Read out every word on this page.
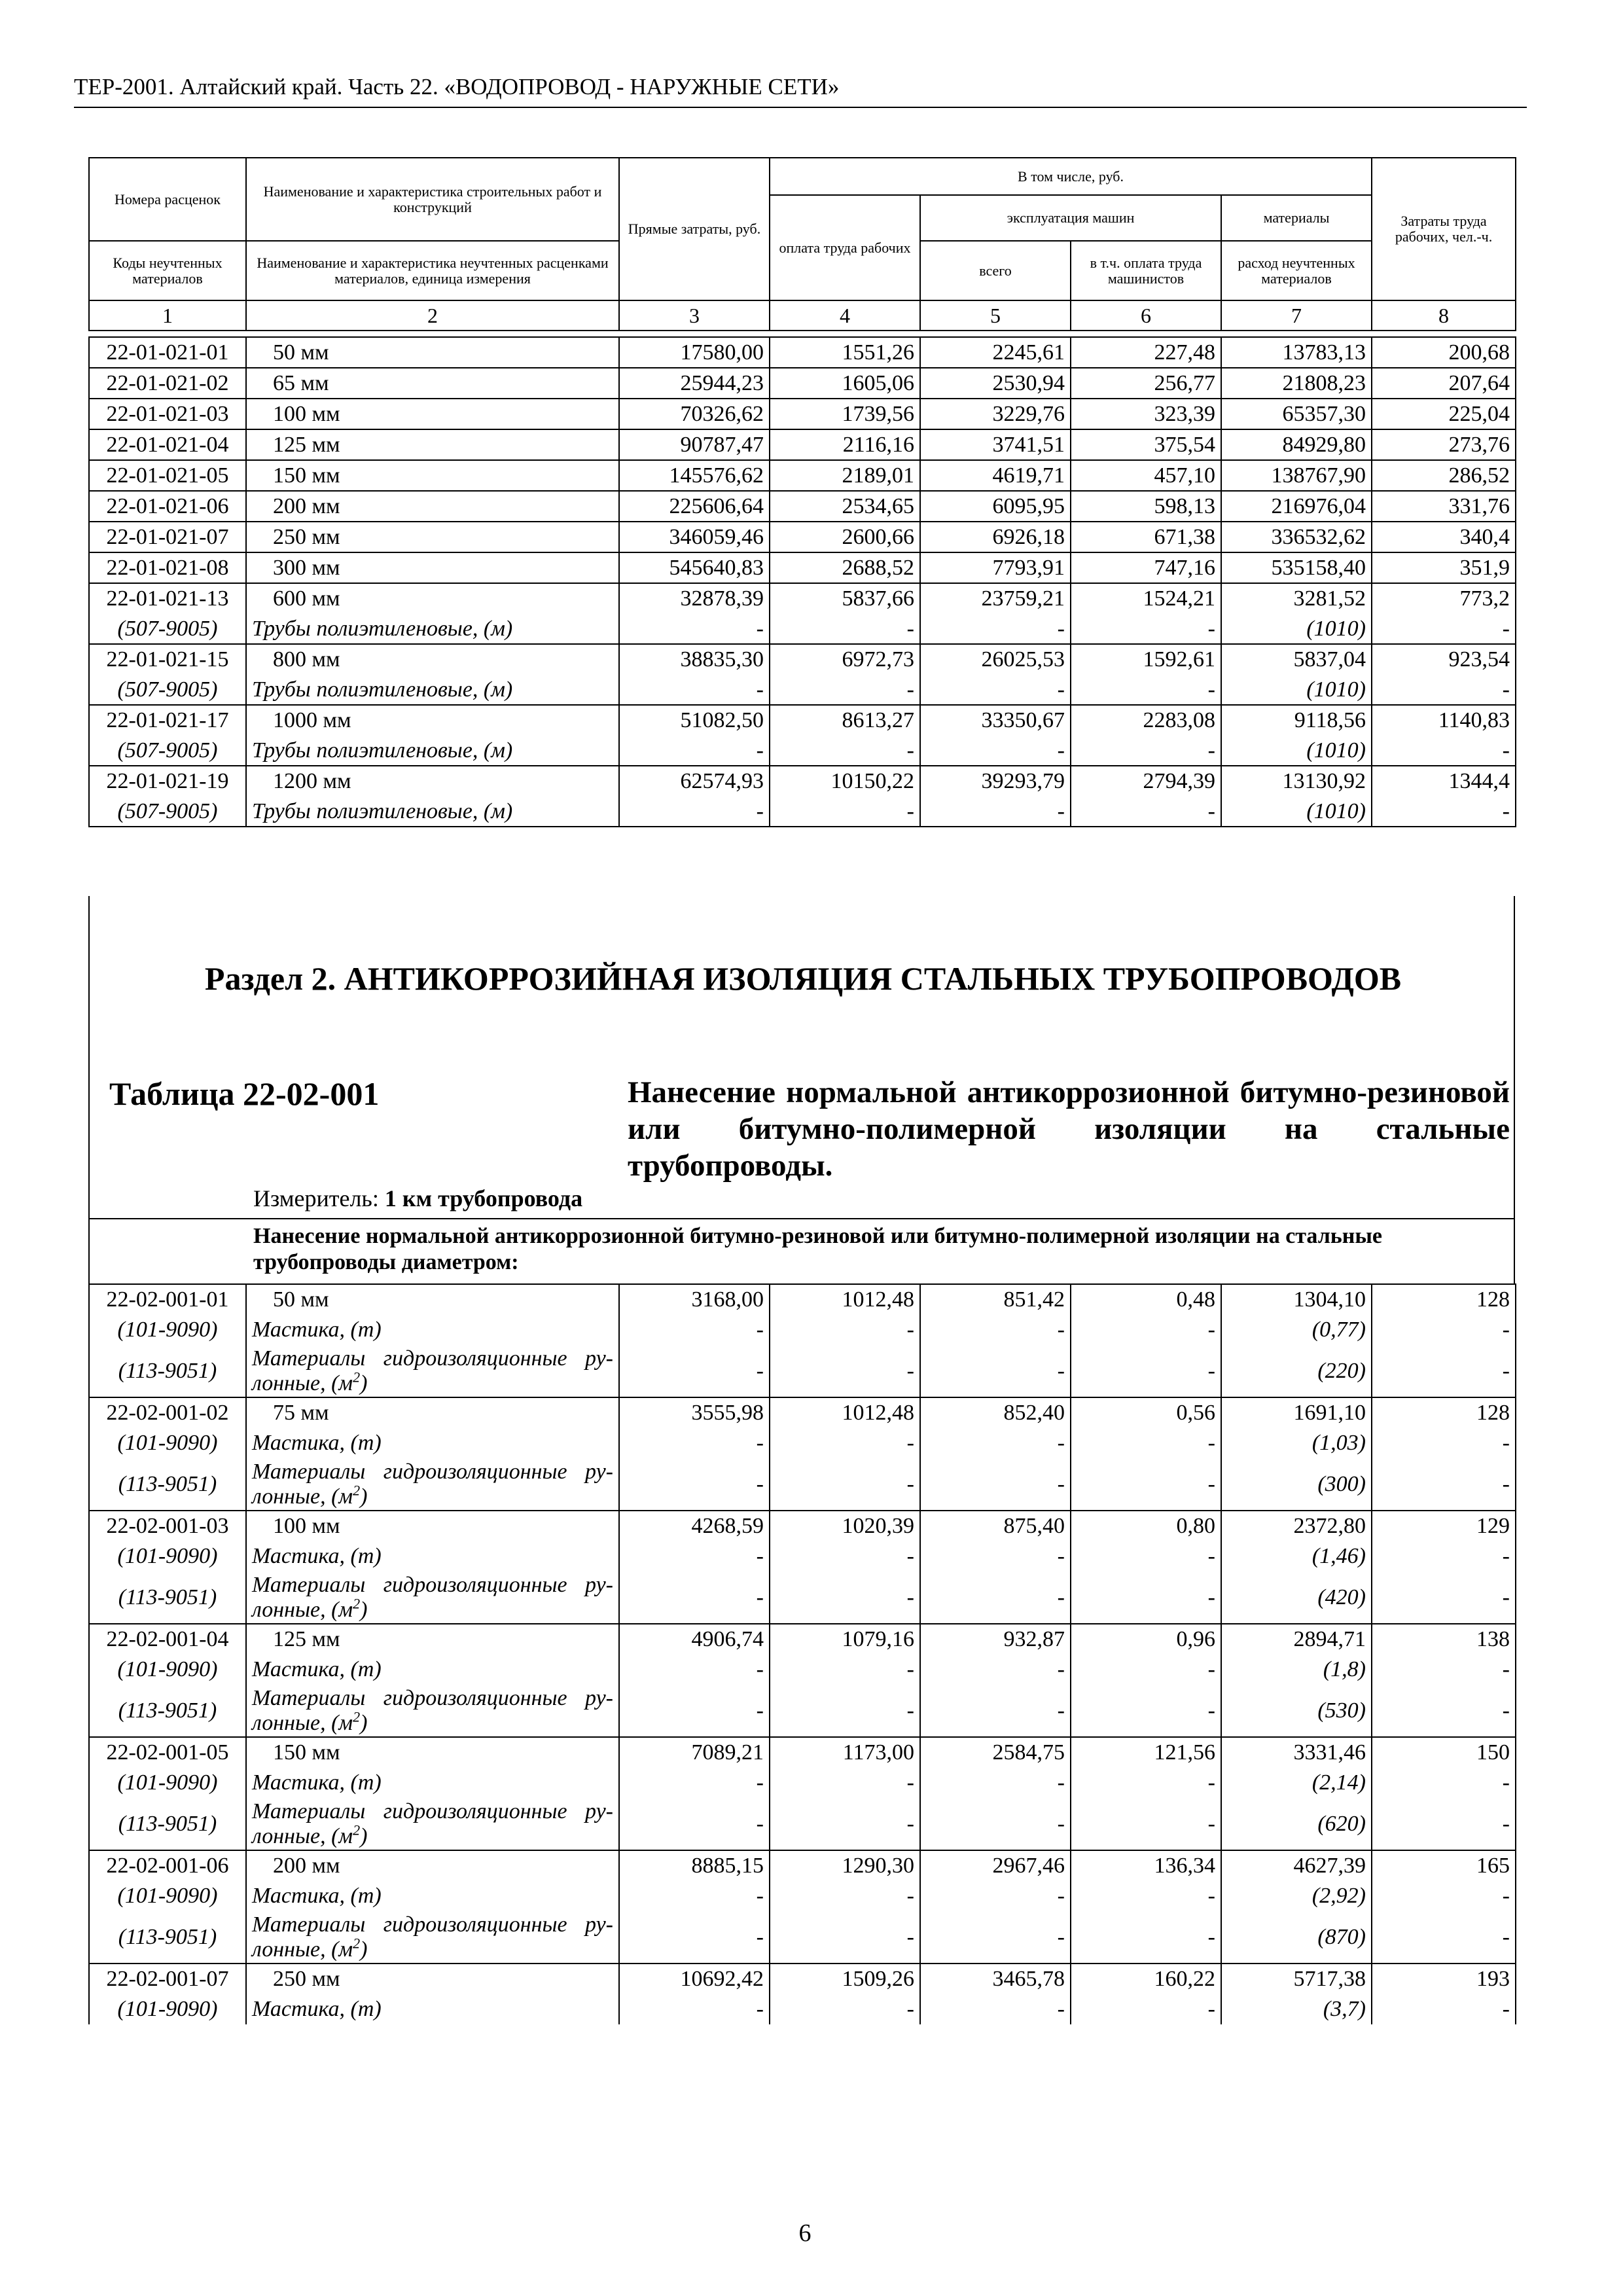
ТЕР-2001. Алтайский край. Часть 22. «ВОДОПРОВОД - НАРУЖНЫЕ СЕТИ»
Номера расценок	Наименование и характеристика строительных работ и конструкций	Прямые затраты, руб.	В том числе, руб.				Затраты труда рабочих, чел.-ч.
			оплата труда рабочих	эксплуатация машин		материалы	
				всего	в т.ч. оплата труда машинистов	расход неучтенных материалов	
Коды неучтенных материалов	Наименование и характеристика неучтенных расценками материалов, единица измерения						

1	2	3	4	5	6	7	8
22-01-021-01	50 мм	17580,00	1551,26	2245,61	227,48	13783,13	200,68
22-01-021-02	65 мм	25944,23	1605,06	2530,94	256,77	21808,23	207,64
22-01-021-03	100 мм	70326,62	1739,56	3229,76	323,39	65357,30	225,04
22-01-021-04	125 мм	90787,47	2116,16	3741,51	375,54	84929,80	273,76
22-01-021-05	150 мм	145576,62	2189,01	4619,71	457,10	138767,90	286,52
22-01-021-06	200 мм	225606,64	2534,65	6095,95	598,13	216976,04	331,76
22-01-021-07	250 мм	346059,46	2600,66	6926,18	671,38	336532,62	340,4
22-01-021-08	300 мм	545640,83	2688,52	7793,91	747,16	535158,40	351,9
22-01-021-13	600 мм	32878,39	5837,66	23759,21	1524,21	3281,52	773,2
(507-9005)	Трубы полиэтиленовые, (м)	-	-	-	-	(1010)	-
22-01-021-15	800 мм	38835,30	6972,73	26025,53	1592,61	5837,04	923,54
(507-9005)	Трубы полиэтиленовые, (м)	-	-	-	-	(1010)	-
22-01-021-17	1000 мм	51082,50	8613,27	33350,67	2283,08	9118,56	1140,83
(507-9005)	Трубы полиэтиленовые, (м)	-	-	-	-	(1010)	-
22-01-021-19	1200 мм	62574,93	10150,22	39293,79	2794,39	13130,92	1344,4
(507-9005)	Трубы полиэтиленовые, (м)	-	-	-	-	(1010)	-
Раздел 2. АНТИКОРРОЗИЙНАЯ ИЗОЛЯЦИЯ СТАЛЬНЫХ ТРУБОПРОВОДОВ
Таблица 22-02-001	Нанесение нормальной антикоррозионной битумно-резиновой или битумно-полимерной изоляции на стальные трубопроводы.
Измеритель: 1 км трубопровода
Нанесение нормальной антикоррозионной битумно-резиновой или битумно-полимерной изоляции на стальные трубопроводы диаметром:
22-02-001-01	50 мм	3168,00	1012,48	851,42	0,48	1304,10	128
(101-9090)	Мастика, (т)	-	-	-	-	(0,77)	-
(113-9051)	Материалы гидроизоляционные ру-лонные, $(м^2)$	-	-	-	-	(220)	-
22-02-001-02	75 мм	3555,98	1012,48	852,40	0,56	1691,10	128
(101-9090)	Мастика, (т)	-	-	-	-	(1,03)	-
(113-9051)	Материалы гидроизоляционные ру-лонные, $(м^2)$	-	-	-	-	(300)	-
22-02-001-03	100 мм	4268,59	1020,39	875,40	0,80	2372,80	129
(101-9090)	Мастика, (т)	-	-	-	-	(1,46)	-
(113-9051)	Материалы гидроизоляционные ру-лонные, $(м^2)$	-	-	-	-	(420)	-
22-02-001-04	125 мм	4906,74	1079,16	932,87	0,96	2894,71	138
(101-9090)	Мастика, (т)	-	-	-	-	(1,8)	-
(113-9051)	Материалы гидроизоляционные ру-лонные, $(м^2)$	-	-	-	-	(530)	-
22-02-001-05	150 мм	7089,21	1173,00	2584,75	121,56	3331,46	150
(101-9090)	Мастика, (т)	-	-	-	-	(2,14)	-
(113-9051)	Материалы гидроизоляционные ру-лонные, $(м^2)$	-	-	-	-	(620)	-
22-02-001-06	200 мм	8885,15	1290,30	2967,46	136,34	4627,39	165
(101-9090)	Мастика, (т)	-	-	-	-	(2,92)	-
(113-9051)	Материалы гидроизоляционные ру-лонные, $(м^2)$	-	-	-	-	(870)	-
22-02-001-07	250 мм	10692,42	1509,26	3465,78	160,22	5717,38	193
(101-9090)	Мастика, (т)	-	-	-	-	(3,7)	-
6
